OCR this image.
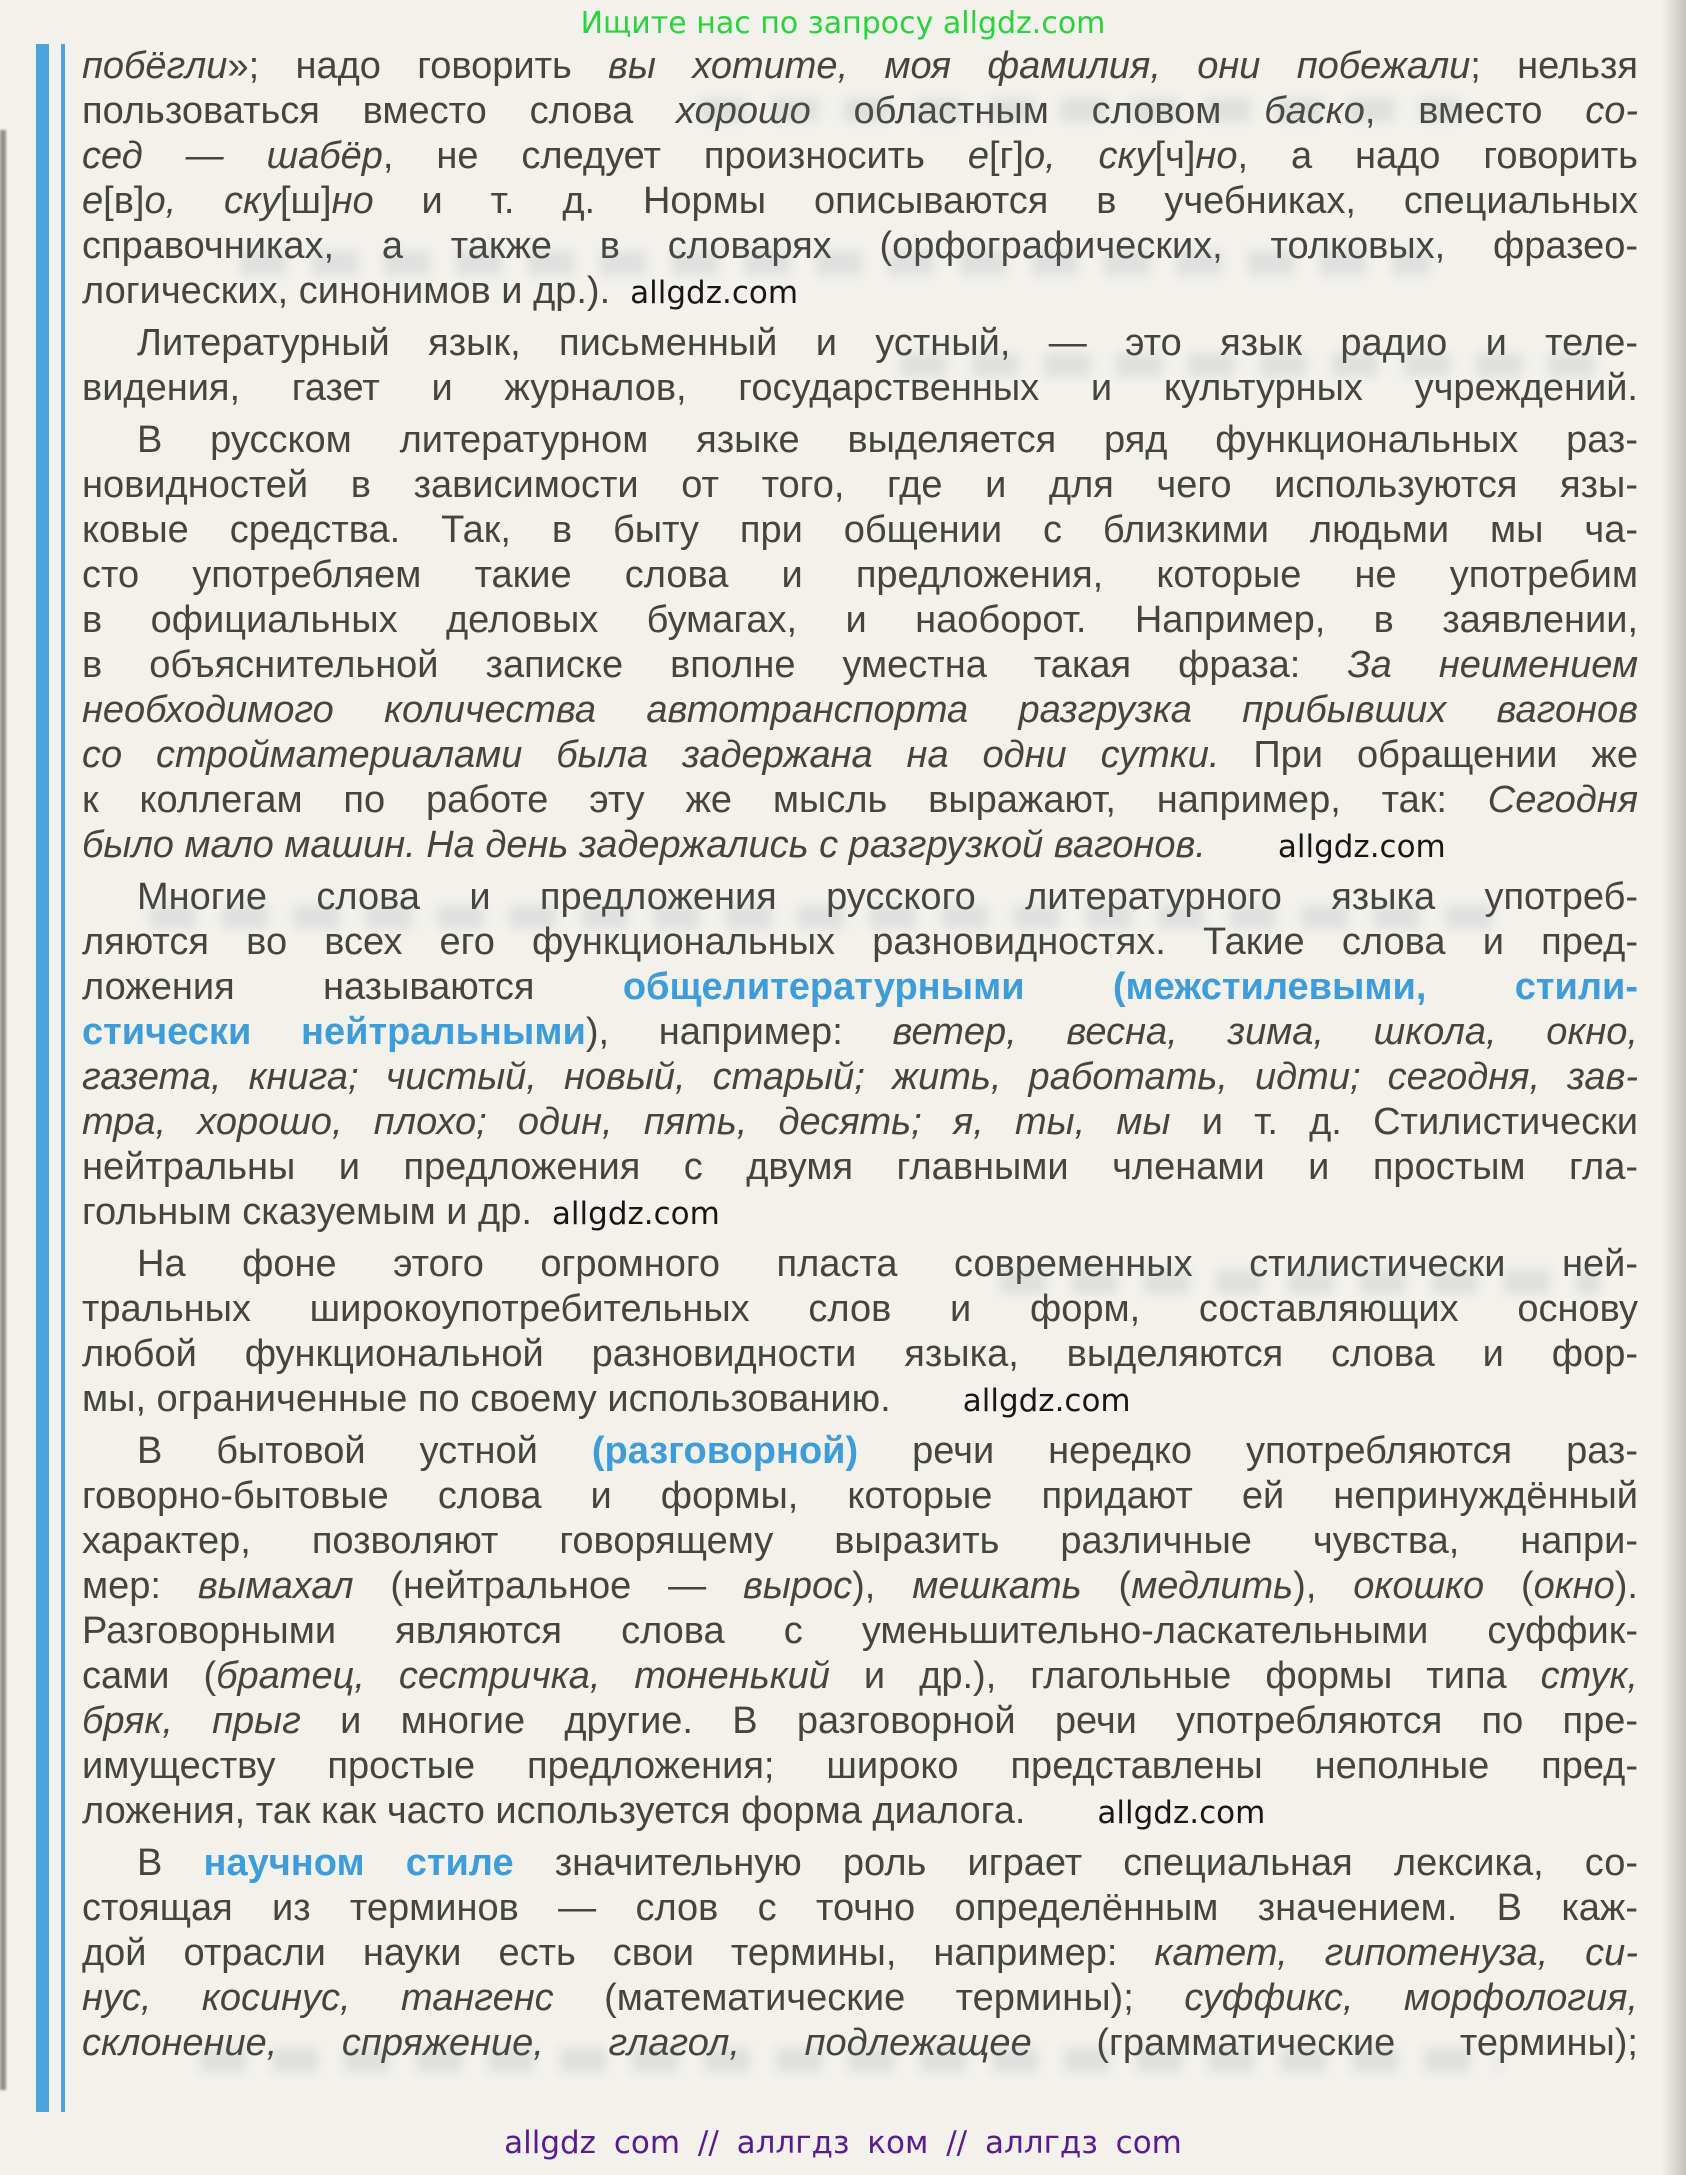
Ищите нас по запросу allgdz.com
побёгли»; надо говорить вы хотите, моя фамилия, они побежали; нельзя
пользоваться вместо слова хорошо областным словом баско, вместо со-
сед — шабёр, не следует произносить е[г]о, ску[ч]но, а надо говорить
е[в]о, ску[ш]но и т. д. Нормы описываются в учебниках, специальных
справочниках, а также в словарях (орфографических, толковых, фразео-
логических, синонимов и др.). allgdz.com
Литературный язык, письменный и устный, — это язык радио и теле-
видения, газет и журналов, государственных и культурных учреждений.
В русском литературном языке выделяется ряд функциональных раз-
новидностей в зависимости от того, где и для чего используются язы-
ковые средства. Так, в быту при общении с близкими людьми мы ча-
сто употребляем такие слова и предложения, которые не употребим
в официальных деловых бумагах, и наоборот. Например, в заявлении,
в объяснительной записке вполне уместна такая фраза: За неимением
необходимого количества автотранспорта разгрузка прибывших вагонов
со стройматериалами была задержана на одни сутки. При обращении же
к коллегам по работе эту же мысль выражают, например, так: Сегодня
было мало машин. На день задержались с разгрузкой вагонов. allgdz.com
Многие слова и предложения русского литературного языка употреб-
ляются во всех его функциональных разновидностях. Такие слова и пред-
ложения называются общелитературными (межстилевыми, стили-
стически нейтральными), например: ветер, весна, зима, школа, окно,
газета, книга; чистый, новый, старый; жить, работать, идти; сегодня, зав-
тра, хорошо, плохо; один, пять, десять; я, ты, мы и т. д. Стилистически
нейтральны и предложения с двумя главными членами и простым гла-
гольным сказуемым и др. allgdz.com
На фоне этого огромного пласта современных стилистически ней-
тральных широкоупотребительных слов и форм, составляющих основу
любой функциональной разновидности языка, выделяются слова и фор-
мы, ограниченные по своему использованию. allgdz.com
В бытовой устной (разговорной) речи нередко употребляются раз-
говорно-бытовые слова и формы, которые придают ей непринуждённый
характер, позволяют говорящему выразить различные чувства, напри-
мер: вымахал (нейтральное — вырос), мешкать (медлить), окошко (окно).
Разговорными являются слова с уменьшительно-ласкательными суффик-
сами (братец, сестричка, тоненький и др.), глагольные формы типа стук,
бряк, прыг и многие другие. В разговорной речи употребляются по пре-
имуществу простые предложения; широко представлены неполные пред-
ложения, так как часто используется форма диалога. allgdz.com
В научном стиле значительную роль играет специальная лексика, со-
стоящая из терминов — слов с точно определённым значением. В каж-
дой отрасли науки есть свои термины, например: катет, гипотенуза, си-
нус, косинус, тангенс (математические термины); суффикс, морфология,
склонение, спряжение, глагол, подлежащее (грамматические термины);
allgdz com // аллгдз ком // аллгдз com
